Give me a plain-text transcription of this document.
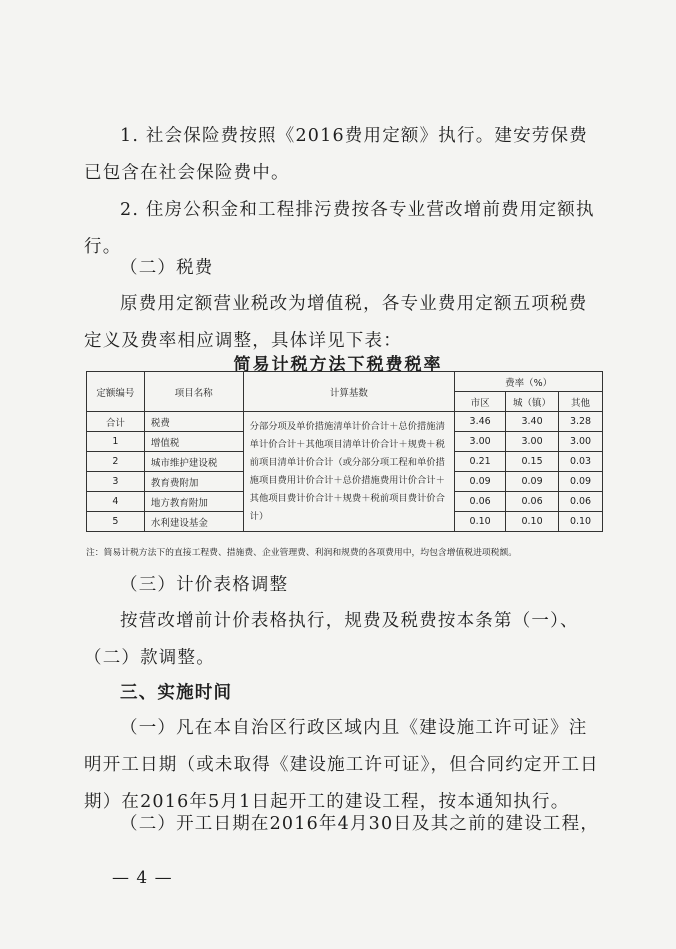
1. 社会保险费按照《2016费用定额》执行。建安劳保费已包含在社会保险费中。

2. 住房公积金和工程排污费按各专业营改增前费用定额执行。

（二）税费

原费用定额营业税改为增值税，各专业费用定额五项税费定义及费率相应调整，具体详见下表：

简易计税方法下税费税率
定额编号	项目名称	计算基数	费率（%）		
			市区	城（镇）	其他
合计	税费	分部分项及单价措施清单计价合计＋总价措施清单计价合计＋其他项目清单计价合计＋规费＋税前项目清单计价合计（或分部分项工程和单价措施项目费用计价合计＋总价措施费用计价合计＋其他项目费计价合计＋规费＋税前项目费计价合计）	3.46	3.40	3.28
1	增值税		3.00	3.00	3.00
2	城市维护建设税		0.21	0.15	0.03
3	教育费附加		0.09	0.09	0.09
4	地方教育附加		0.06	0.06	0.06
5	水利建设基金		0.10	0.10	0.10
注：简易计税方法下的直接工程费、措施费、企业管理费、利润和规费的各项费用中，均包含增值税进项税额。

（三）计价表格调整

按营改增前计价表格执行，规费及税费按本条第（一）、（二）款调整。

三、实施时间

（一）凡在本自治区行政区域内且《建设施工许可证》注明开工日期（或未取得《建设施工许可证》，但合同约定开工日期）在2016年5月1日起开工的建设工程，按本通知执行。

（二）开工日期在2016年4月30日及其之前的建设工程，

— 4 —
